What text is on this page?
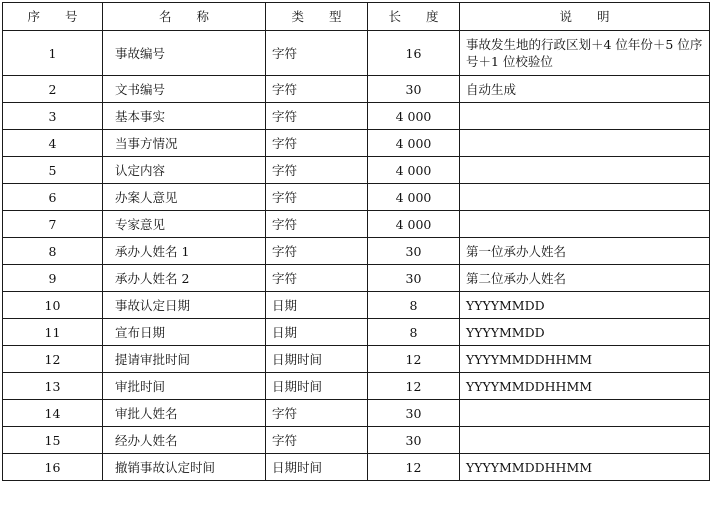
序　　号	名　　称	类　　型	长　　度	说　　明
1	事故编号	字符	16	事故发生地的行政区划＋4 位年份＋5 位序号＋1 位校验位
2	文书编号	字符	30	自动生成
3	基本事实	字符	4 000	
4	当事方情况	字符	4 000	
5	认定内容	字符	4 000	
6	办案人意见	字符	4 000	
7	专家意见	字符	4 000	
8	承办人姓名 1	字符	30	第一位承办人姓名
9	承办人姓名 2	字符	30	第二位承办人姓名
10	事故认定日期	日期	8	YYYYMMDD
11	宣布日期	日期	8	YYYYMMDD
12	提请审批时间	日期时间	12	YYYYMMDDHHMM
13	审批时间	日期时间	12	YYYYMMDDHHMM
14	审批人姓名	字符	30	
15	经办人姓名	字符	30	
16	撤销事故认定时间	日期时间	12	YYYYMMDDHHMM
